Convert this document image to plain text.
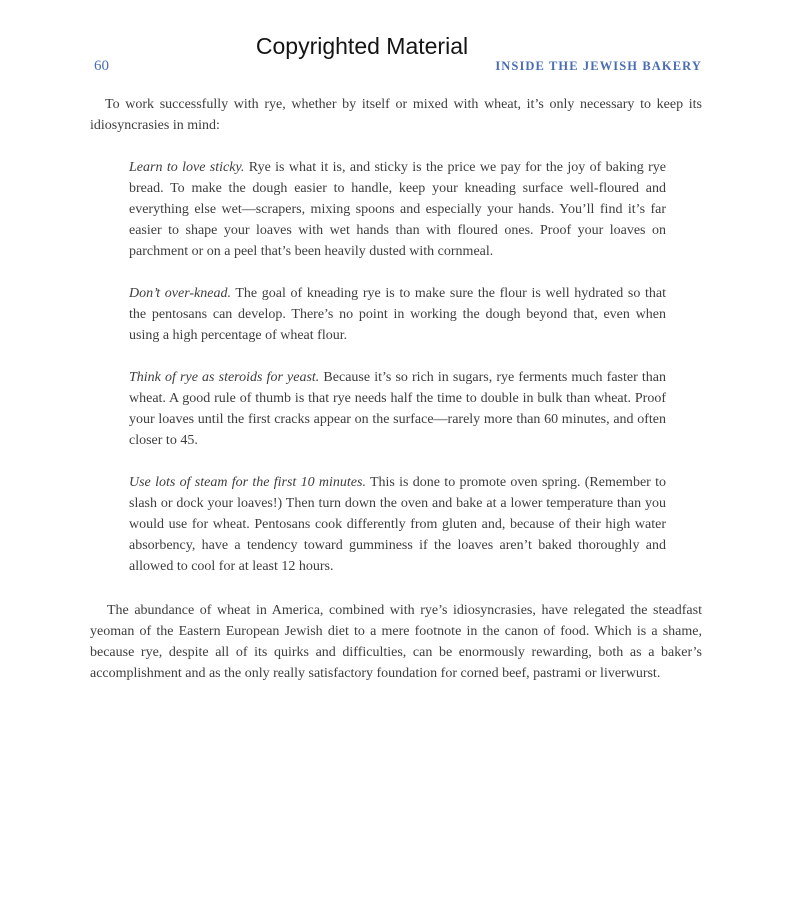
Copyrighted Material
60	INSIDE THE JEWISH BAKERY

To work successfully with rye, whether by itself or mixed with wheat, it’s only necessary to keep its idiosyncrasies in mind:

Learn to love sticky. Rye is what it is, and sticky is the price we pay for the joy of baking rye bread. To make the dough easier to handle, keep your kneading surface well-floured and everything else wet—scrapers, mixing spoons and especially your hands. You’ll find it’s far easier to shape your loaves with wet hands than with floured ones. Proof your loaves on parchment or on a peel that’s been heavily dusted with cornmeal.

Don’t over-knead. The goal of kneading rye is to make sure the flour is well hydrated so that the pentosans can develop. There’s no point in working the dough beyond that, even when using a high percentage of wheat flour.

Think of rye as steroids for yeast. Because it’s so rich in sugars, rye ferments much faster than wheat. A good rule of thumb is that rye needs half the time to double in bulk than wheat. Proof your loaves until the first cracks appear on the surface—rarely more than 60 minutes, and often closer to 45.

Use lots of steam for the first 10 minutes. This is done to promote oven spring. (Remember to slash or dock your loaves!) Then turn down the oven and bake at a lower temperature than you would use for wheat. Pentosans cook differently from gluten and, because of their high water absorbency, have a tendency toward gumminess if the loaves aren’t baked thoroughly and allowed to cool for at least 12 hours.

The abundance of wheat in America, combined with rye’s idiosyncrasies, have relegated the steadfast yeoman of the Eastern European Jewish diet to a mere footnote in the canon of food. Which is a shame, because rye, despite all of its quirks and difficulties, can be enormously rewarding, both as a baker’s accomplishment and as the only really satisfactory foundation for corned beef, pastrami or liverwurst.
